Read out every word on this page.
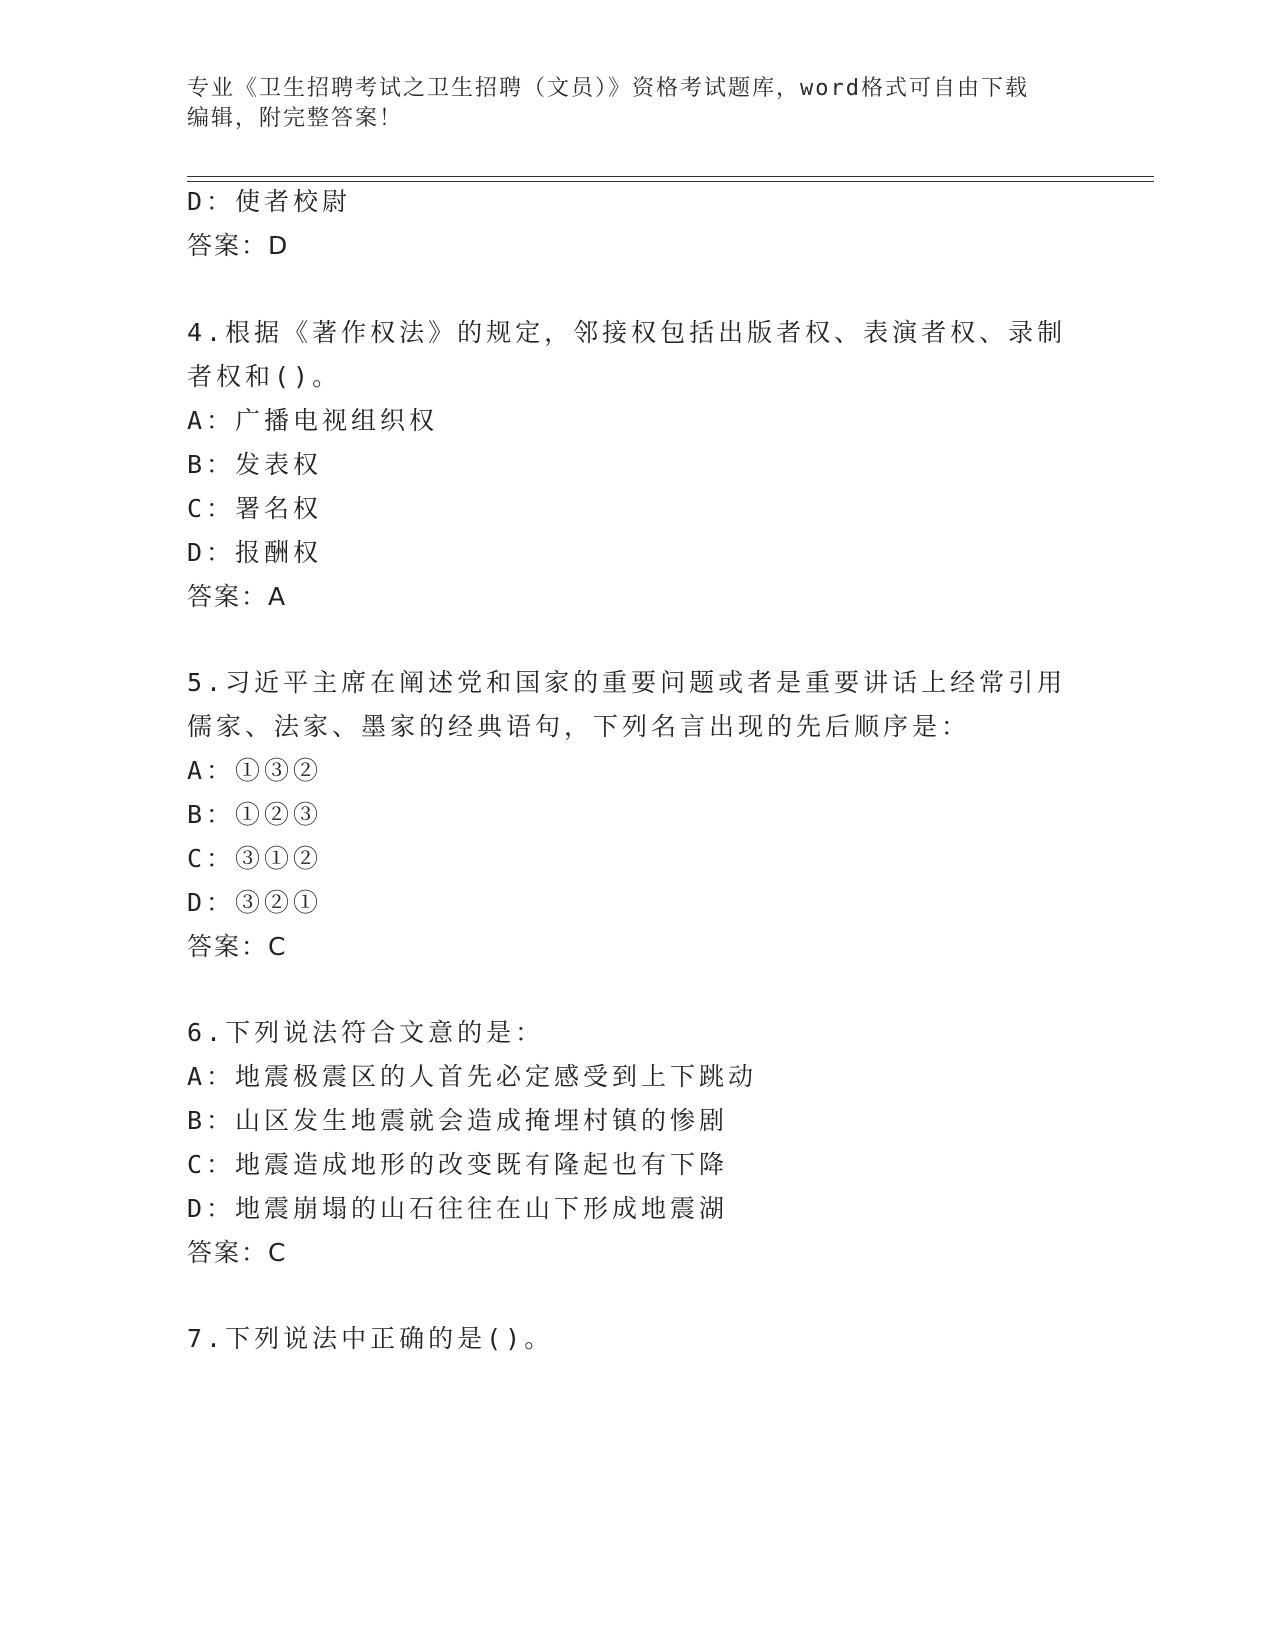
专业《卫生招聘考试之卫生招聘（文员）》资格考试题库，word格式可自由下载
编辑，附完整答案！
D：使者校尉
答案：D
4.根据《著作权法》的规定，邻接权包括出版者权、表演者权、录制
者权和()。
A：广播电视组织权
B：发表权
C：署名权
D：报酬权
答案：A
5.习近平主席在阐述党和国家的重要问题或者是重要讲话上经常引用
儒家、法家、墨家的经典语句，下列名言出现的先后顺序是：
A：①③②
B：①②③
C：③①②
D：③②①
答案：C
6.下列说法符合文意的是：
A：地震极震区的人首先必定感受到上下跳动
B：山区发生地震就会造成掩埋村镇的惨剧
C：地震造成地形的改变既有隆起也有下降
D：地震崩塌的山石往往在山下形成地震湖
答案：C
7.下列说法中正确的是()。
